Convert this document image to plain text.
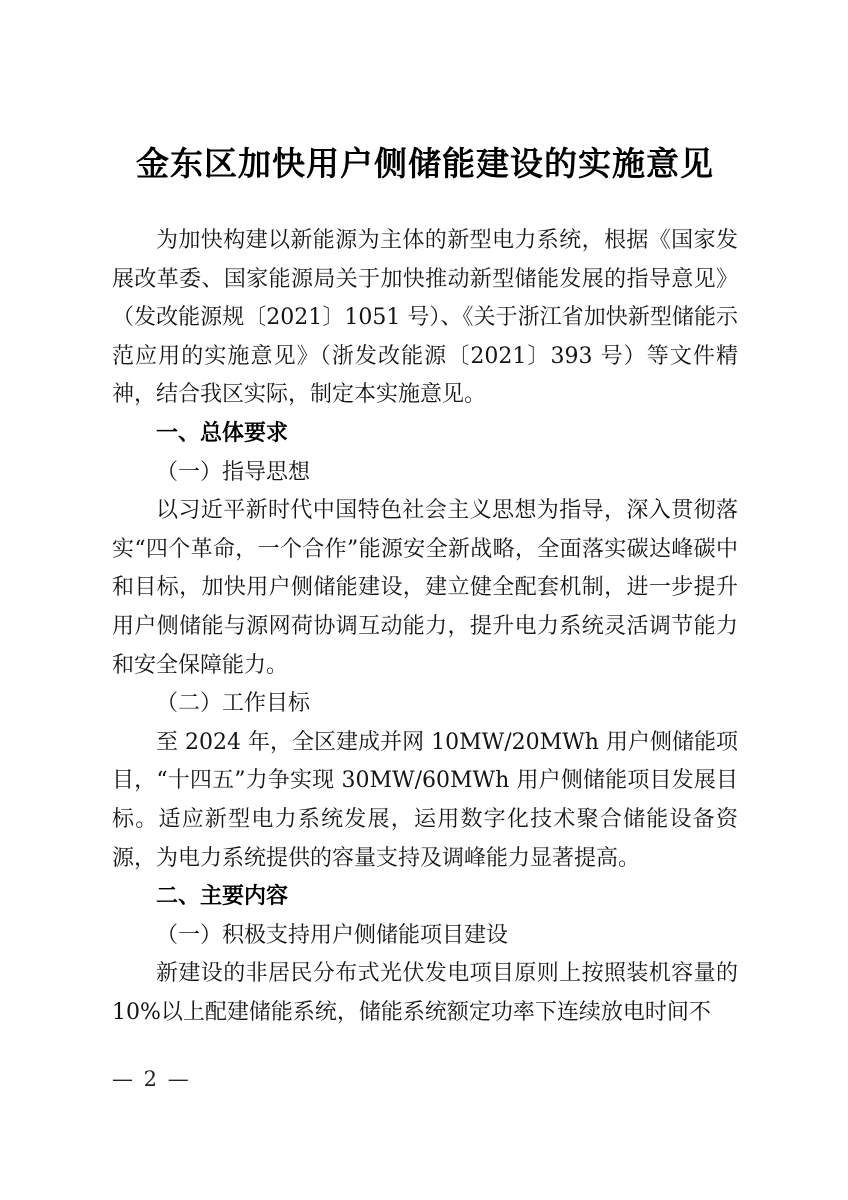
金东区加快用户侧储能建设的实施意见

为加快构建以新能源为主体的新型电力系统，根据《国家发展改革委、国家能源局关于加快推动新型储能发展的指导意见》（发改能源规〔2021〕1051 号）、《关于浙江省加快新型储能示范应用的实施意见》（浙发改能源〔2021〕393 号）等文件精神，结合我区实际，制定本实施意见。

一、总体要求

（一）指导思想

以习近平新时代中国特色社会主义思想为指导，深入贯彻落实“四个革命，一个合作”能源安全新战略，全面落实碳达峰碳中和目标，加快用户侧储能建设，建立健全配套机制，进一步提升用户侧储能与源网荷协调互动能力，提升电力系统灵活调节能力和安全保障能力。

（二）工作目标

至 2024 年，全区建成并网 10MW/20MWh 用户侧储能项目，“十四五”力争实现 30MW/60MWh 用户侧储能项目发展目标。适应新型电力系统发展，运用数字化技术聚合储能设备资源，为电力系统提供的容量支持及调峰能力显著提高。

二、主要内容

（一）积极支持用户侧储能项目建设

新建设的非居民分布式光伏发电项目原则上按照装机容量的 10%以上配建储能系统，储能系统额定功率下连续放电时间不

— 2 —
